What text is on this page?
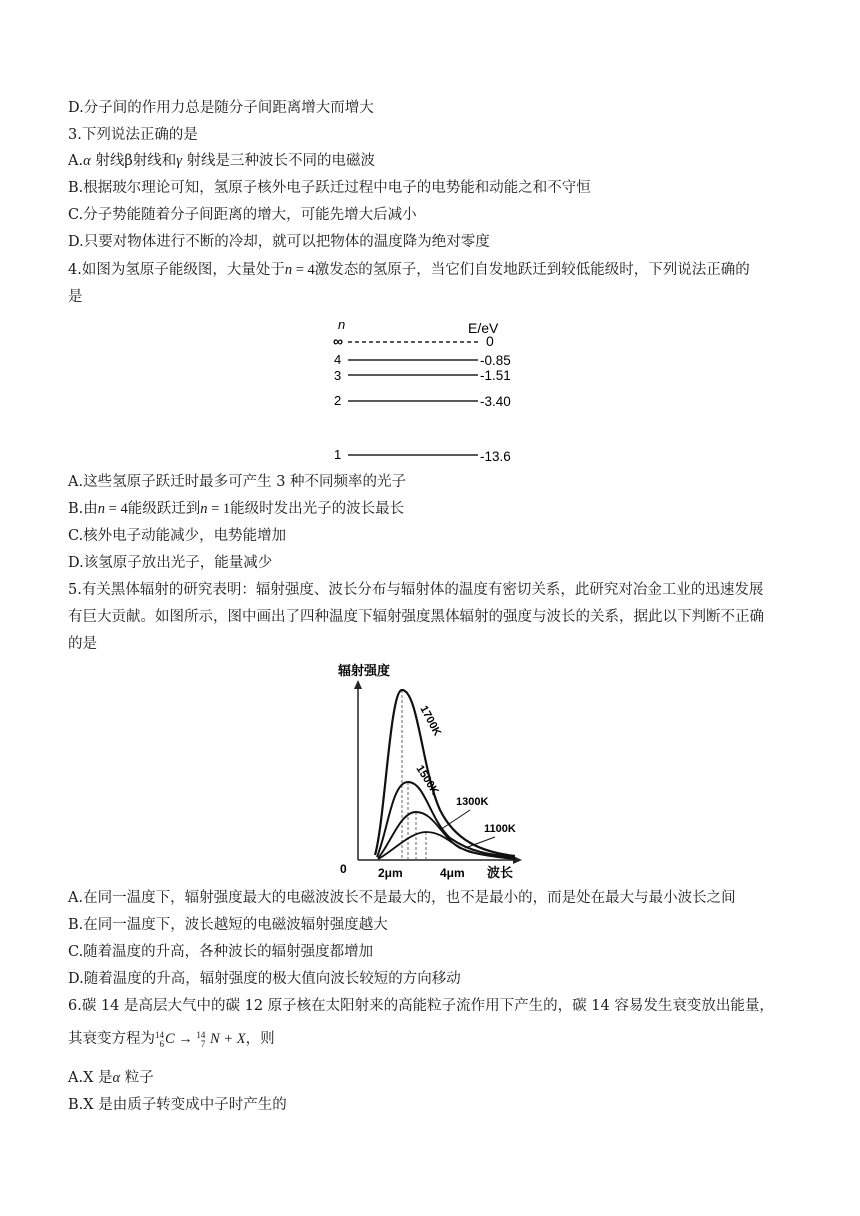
D.分子间的作用力总是随分子间距离增大而增大
3.下列说法正确的是
A.α 射线β射线和γ 射线是三种波长不同的电磁波
B.根据玻尔理论可知，氢原子核外电子跃迁过程中电子的电势能和动能之和不守恒
C.分子势能随着分子间距离的增大，可能先增大后减小
D.只要对物体进行不断的冷却，就可以把物体的温度降为绝对零度
4.如图为氢原子能级图，大量处于n = 4激发态的氢原子，当它们自发地跃迁到较低能级时，下列说法正确的
是
n	E/eV
∞	0
4	-0.85
3	-1.51
2	-3.40
1	-13.6
A.这些氢原子跃迁时最多可产生 3 种不同频率的光子
B.由n = 4能级跃迁到n = 1能级时发出光子的波长最长
C.核外电子动能减少，电势能增加
D.该氢原子放出光子，能量减少
5.有关黑体辐射的研究表明：辐射强度、波长分布与辐射体的温度有密切关系，此研究对冶金工业的迅速发展
有巨大贡献。如图所示，图中画出了四种温度下辐射强度黑体辐射的强度与波长的关系，据此以下判断不正确
的是
辐射强度
0	2μm	4μm 波长
1700K
1500K
1300K
1100K
A.在同一温度下，辐射强度最大的电磁波波长不是最大的，也不是最小的，而是处在最大与最小波长之间
B.在同一温度下，波长越短的电磁波辐射强度越大
C.随着温度的升高，各种波长的辐射强度都增加
D.随着温度的升高，辐射强度的极大值向波长较短的方向移动
6.碳 14 是高层大气中的碳 12 原子核在太阳射来的高能粒子流作用下产生的，碳 14 容易发生衰变放出能量，
其衰变方程为 14
6 C → 14
7 N + X，则
A.X 是α 粒子
B.X 是由质子转变成中子时产生的
